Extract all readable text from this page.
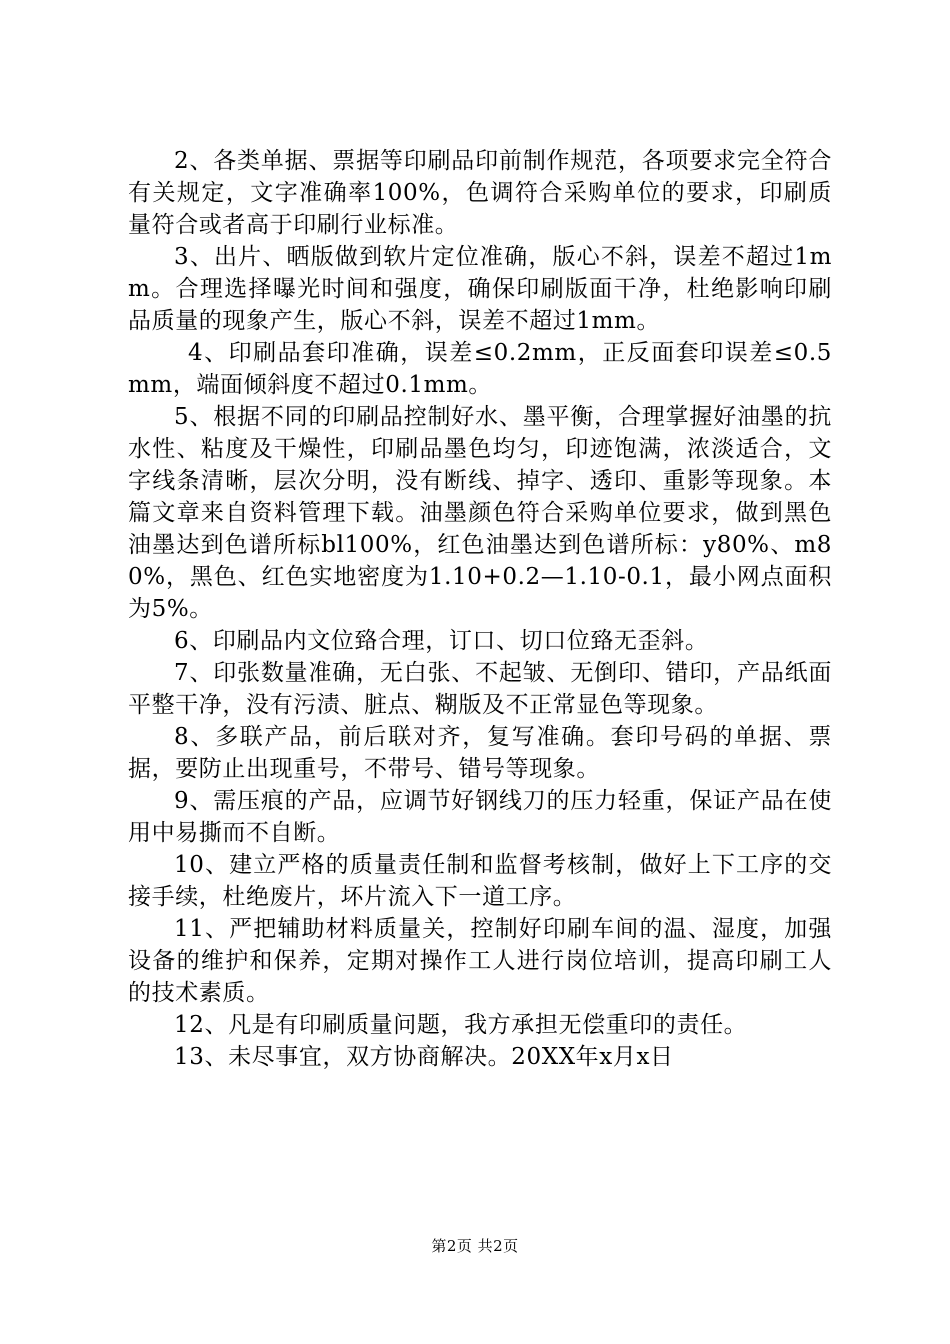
2、各类单据、票据等印刷品印前制作规范，各项要求完全符合有关规定，文字准确率100%，色调符合采购单位的要求，印刷质量符合或者高于印刷行业标准。

3、出片、晒版做到软片定位准确，版心不斜，误差不超过1mm。合理选择曝光时间和强度，确保印刷版面干净，杜绝影响印刷品质量的现象产生，版心不斜，误差不超过1mm。

4、印刷品套印准确，误差≤0.2mm，正反面套印误差≤0.5mm，端面倾斜度不超过0.1mm。

5、根据不同的印刷品控制好水、墨平衡，合理掌握好油墨的抗水性、粘度及干燥性，印刷品墨色均匀，印迹饱满，浓淡适合，文字线条清晰，层次分明，没有断线、掉字、透印、重影等现象。本篇文章来自资料管理下载。油墨颜色符合采购单位要求，做到黑色油墨达到色谱所标bl100%，红色油墨达到色谱所标：y80%、m80%，黑色、红色实地密度为1.10+0.2—1.10-0.1，最小网点面积为5%。

6、印刷品内文位臵合理，订口、切口位臵无歪斜。

7、印张数量准确，无白张、不起皱、无倒印、错印，产品纸面平整干净，没有污渍、脏点、糊版及不正常显色等现象。

8、多联产品，前后联对齐，复写准确。套印号码的单据、票据，要防止出现重号，不带号、错号等现象。

9、需压痕的产品，应调节好钢线刀的压力轻重，保证产品在使用中易撕而不自断。

10、建立严格的质量责任制和监督考核制，做好上下工序的交接手续，杜绝废片，坏片流入下一道工序。

11、严把辅助材料质量关，控制好印刷车间的温、湿度，加强设备的维护和保养，定期对操作工人进行岗位培训，提高印刷工人的技术素质。

12、凡是有印刷质量问题，我方承担无偿重印的责任。

13、未尽事宜，双方协商解决。20XX年x月x日

第2页 共2页
